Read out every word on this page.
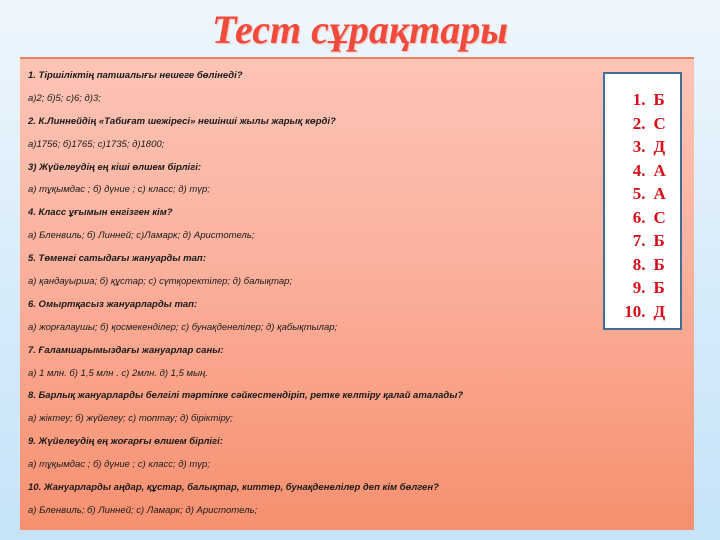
Тест сұрақтары
1. Тіршіліктің патшалығы нешеге бөлінеді?
а)2; б)5; с)6; д)3;
2. К.Линнейдің «Табиғат шежіресі» нешінші жылы жарық көрді?
а)1756; б)1765; с)1735; д)1800;
3) Жүйелеудің ең кіші өлшем бірлігі:
а) тұқымдас ; б) дүние ; с) класс; д) түр;
4. Класс ұғымын енгізген кім?
а) Бленвиль; б) Линней; с)Ламарк; д) Аристотель;
5. Төменгі сатыдағы жануарды тап:
а) қандауырша; б) құстар; с) сүтқоректілер; д) балықтар;
6. Омыртқасыз жануарларды тап:
а) жорғалаушы; б) қосмекенділер; с) бунақденелілер; д) қабықтылар;
7. Ғаламшарымыздағы жануарлар саны:
а) 1 млн. б) 1,5 млн . с) 2млн. д) 1,5 мың.
8. Барлық жануарларды белгілі тәртіпке сәйкестендіріп, ретке келтіру қалай аталады?
а) жіктеу; б) жүйелеу; с) топтау; д) біріктіру;
9. Жүйелеудің ең жоғарғы өлшем бірлігі:
а) тұқымдас ; б) дүние ; с) класс; д) түр;
10. Жануарларды аңдар, құстар, балықтар, киттер, бунақденелілер деп кім бөлген?
а) Бленвиль; б) Линней; с) Ламарк; д) Аристотель;
1. Б
2. С
3. Д
4. А
5. А
6. С
7. Б
8. Б
9. Б
10. Д
